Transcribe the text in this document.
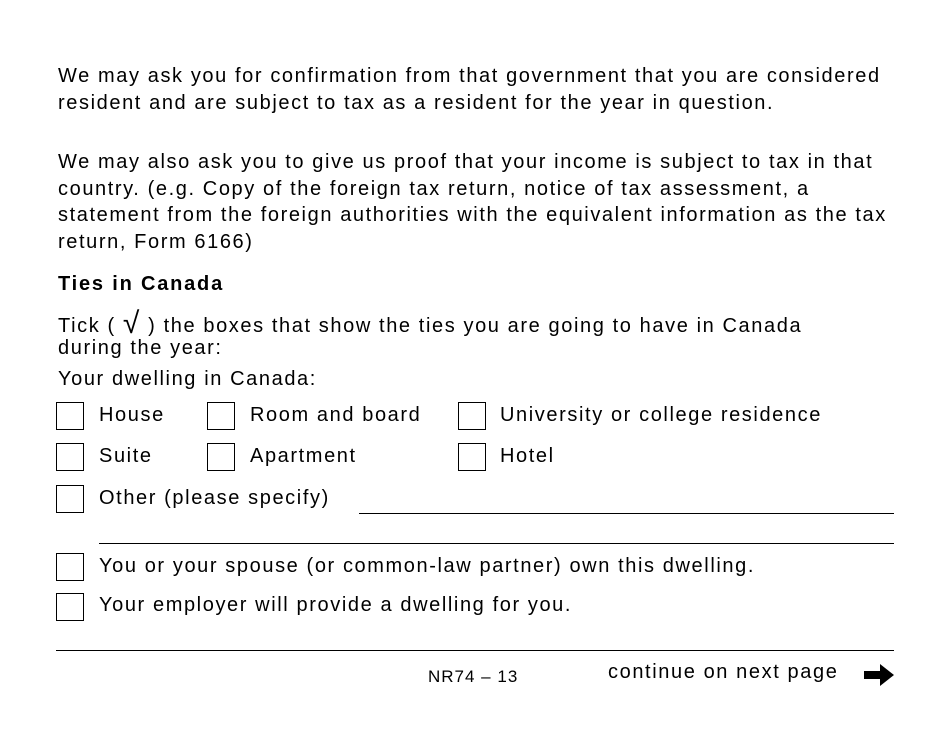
We may ask you for confirmation from that government that you are considered resident and are subject to tax as a resident for the year in question.

We may also ask you to give us proof that your income is subject to tax in that country. (e.g. Copy of the foreign tax return, notice of tax assessment, a statement from the foreign authorities with the equivalent information as the tax return, Form 6166)

Ties in Canada
Tick ( √ ) the boxes that show the ties you are going to have in Canada
during the year:
Your dwelling in Canada:
House	Room and board	University or college residence
Suite	Apartment	Hotel
Other (please specify)
You or your spouse (or common-law partner) own this dwelling.
Your employer will provide a dwelling for you.
NR74 – 13	continue on next page
